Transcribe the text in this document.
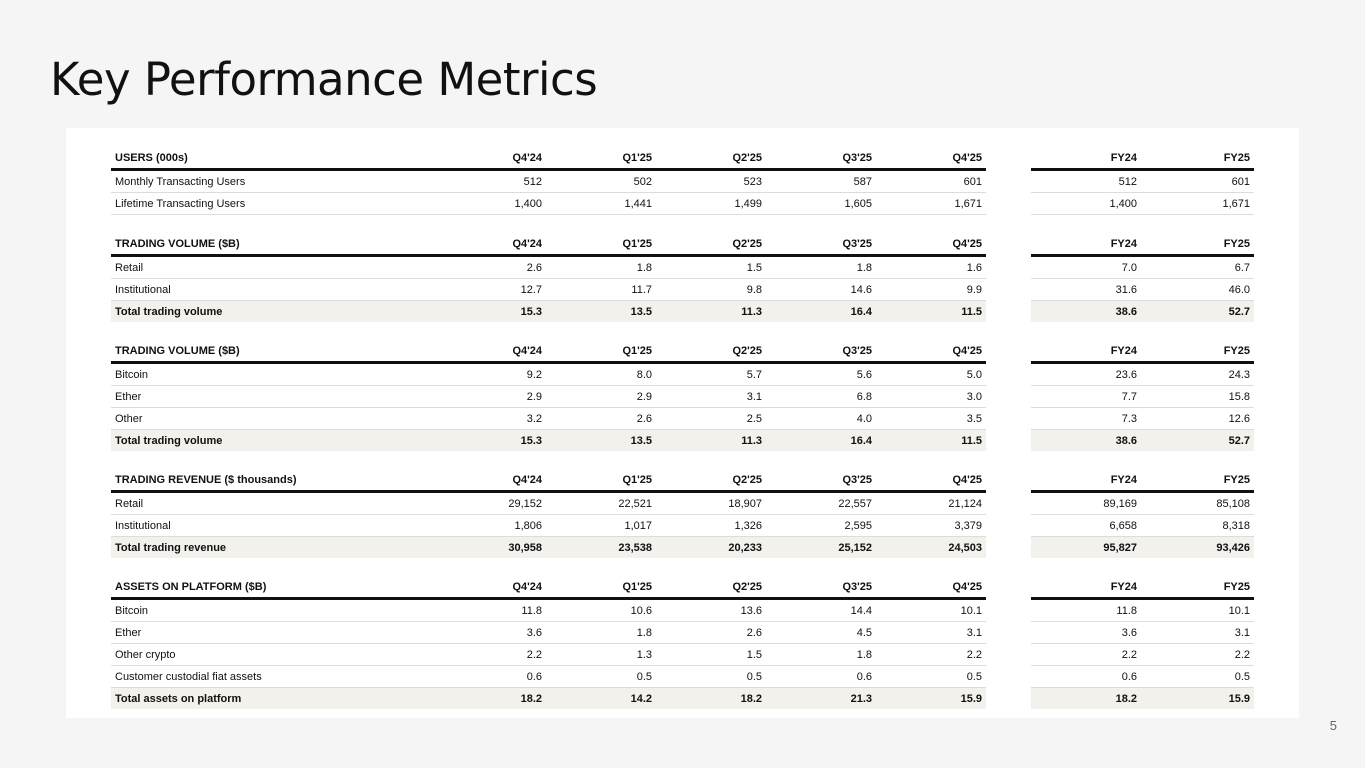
Key Performance Metrics
USERS (000s)	Q4'24	Q1'25	Q2'25	Q3'25	Q4'25		FY24	FY25
Monthly Transacting Users	512	502	523	587	601		512	601
Lifetime Transacting Users	1,400	1,441	1,499	1,605	1,671		1,400	1,671

TRADING VOLUME ($B)	Q4'24	Q1'25	Q2'25	Q3'25	Q4'25		FY24	FY25
Retail	2.6	1.8	1.5	1.8	1.6		7.0	6.7
Institutional	12.7	11.7	9.8	14.6	9.9		31.6	46.0
Total trading volume	15.3	13.5	11.3	16.4	11.5		38.6	52.7

TRADING VOLUME ($B)	Q4'24	Q1'25	Q2'25	Q3'25	Q4'25		FY24	FY25
Bitcoin	9.2	8.0	5.7	5.6	5.0		23.6	24.3
Ether	2.9	2.9	3.1	6.8	3.0		7.7	15.8
Other	3.2	2.6	2.5	4.0	3.5		7.3	12.6
Total trading volume	15.3	13.5	11.3	16.4	11.5		38.6	52.7

TRADING REVENUE ($ thousands)	Q4'24	Q1'25	Q2'25	Q3'25	Q4'25		FY24	FY25
Retail	29,152	22,521	18,907	22,557	21,124		89,169	85,108
Institutional	1,806	1,017	1,326	2,595	3,379		6,658	8,318
Total trading revenue	30,958	23,538	20,233	25,152	24,503		95,827	93,426

ASSETS ON PLATFORM ($B)	Q4'24	Q1'25	Q2'25	Q3'25	Q4'25		FY24	FY25
Bitcoin	11.8	10.6	13.6	14.4	10.1		11.8	10.1
Ether	3.6	1.8	2.6	4.5	3.1		3.6	3.1
Other crypto	2.2	1.3	1.5	1.8	2.2		2.2	2.2
Customer custodial fiat assets	0.6	0.5	0.5	0.6	0.5		0.6	0.5
Total assets on platform	18.2	14.2	18.2	21.3	15.9		18.2	15.9
5
